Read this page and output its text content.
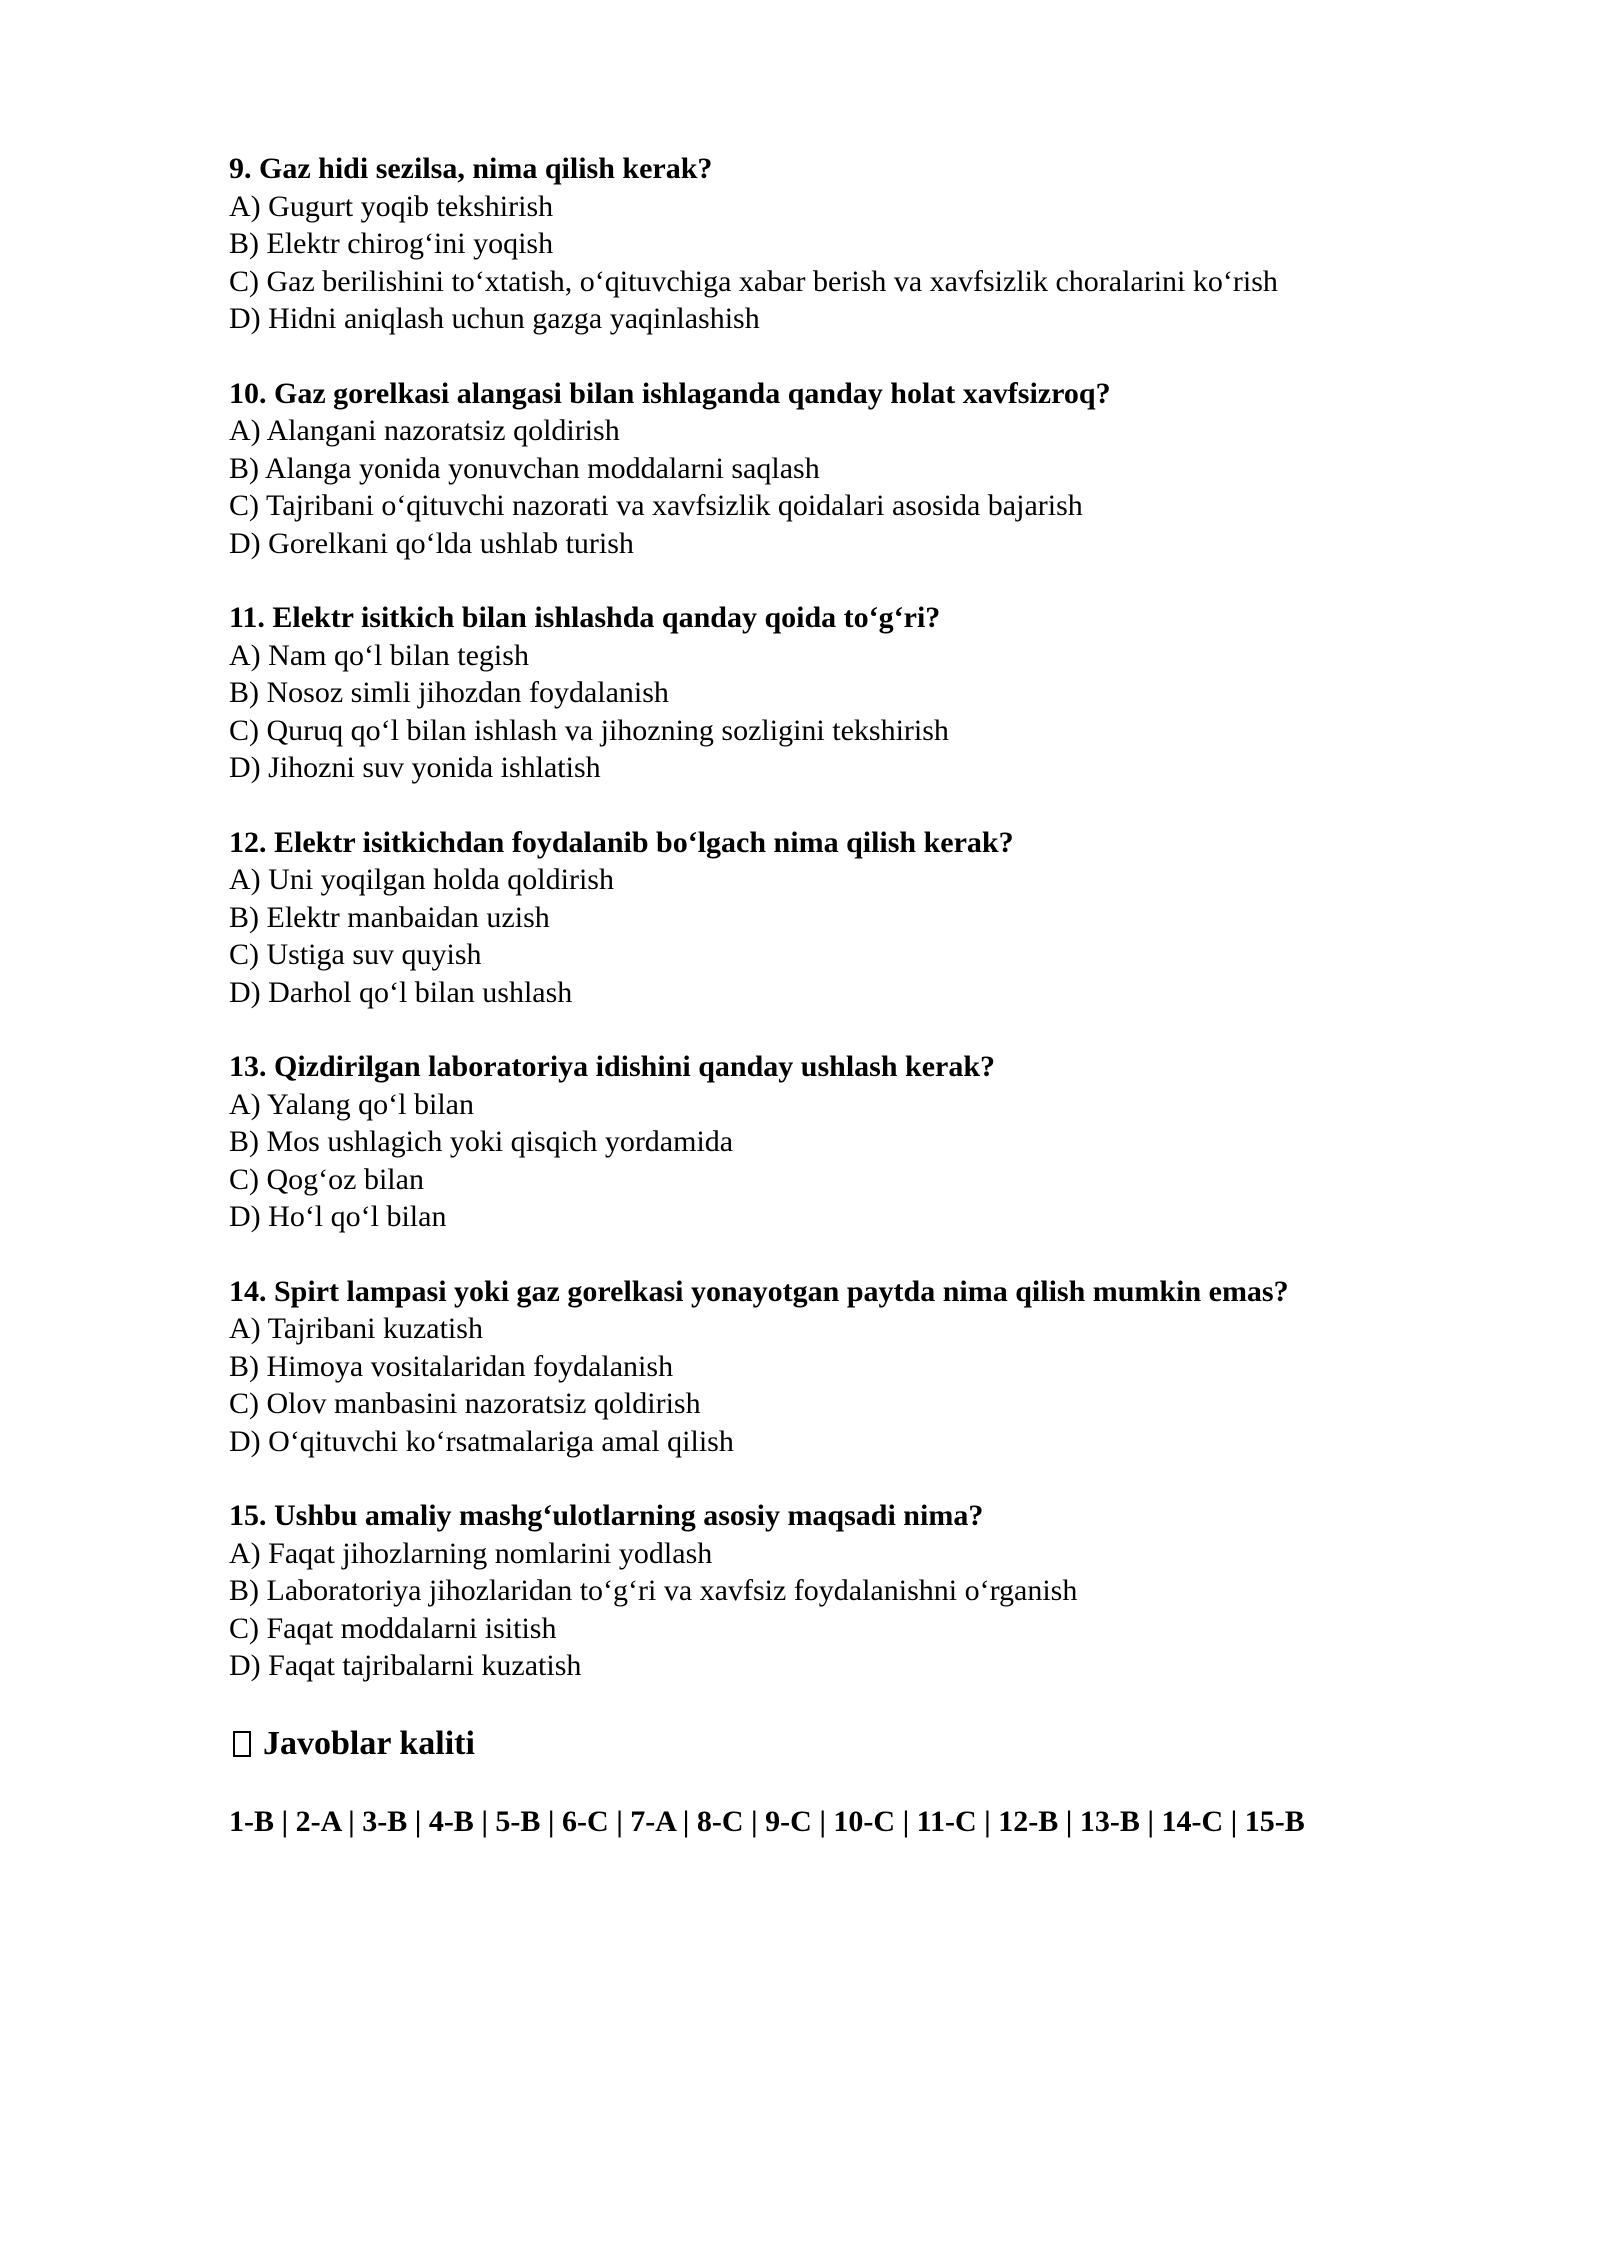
9. Gaz hidi sezilsa, nima qilish kerak?
A) Gugurt yoqib tekshirish
B) Elektr chirog‘ini yoqish
C) Gaz berilishini to‘xtatish, o‘qituvchiga xabar berish va xavfsizlik choralarini ko‘rish
D) Hidni aniqlash uchun gazga yaqinlashish
10. Gaz gorelkasi alangasi bilan ishlaganda qanday holat xavfsizroq?
A) Alangani nazoratsiz qoldirish
B) Alanga yonida yonuvchan moddalarni saqlash
C) Tajribani o‘qituvchi nazorati va xavfsizlik qoidalari asosida bajarish
D) Gorelkani qo‘lda ushlab turish
11. Elektr isitkich bilan ishlashda qanday qoida to‘g‘ri?
A) Nam qo‘l bilan tegish
B) Nosoz simli jihozdan foydalanish
C) Quruq qo‘l bilan ishlash va jihozning sozligini tekshirish
D) Jihozni suv yonida ishlatish
12. Elektr isitkichdan foydalanib bo‘lgach nima qilish kerak?
A) Uni yoqilgan holda qoldirish
B) Elektr manbaidan uzish
C) Ustiga suv quyish
D) Darhol qo‘l bilan ushlash
13. Qizdirilgan laboratoriya idishini qanday ushlash kerak?
A) Yalang qo‘l bilan
B) Mos ushlagich yoki qisqich yordamida
C) Qog‘oz bilan
D) Ho‘l qo‘l bilan
14. Spirt lampasi yoki gaz gorelkasi yonayotgan paytda nima qilish mumkin emas?
A) Tajribani kuzatish
B) Himoya vositalaridan foydalanish
C) Olov manbasini nazoratsiz qoldirish
D) O‘qituvchi ko‘rsatmalariga amal qilish
15. Ushbu amaliy mashg‘ulotlarning asosiy maqsadi nima?
A) Faqat jihozlarning nomlarini yodlash
B) Laboratoriya jihozlaridan to‘g‘ri va xavfsiz foydalanishni o‘rganish
C) Faqat moddalarni isitish
D) Faqat tajribalarni kuzatish
Javoblar kaliti
1-B | 2-A | 3-B | 4-B | 5-B | 6-C | 7-A | 8-C | 9-C | 10-C | 11-C | 12-B | 13-B | 14-C | 15-B
